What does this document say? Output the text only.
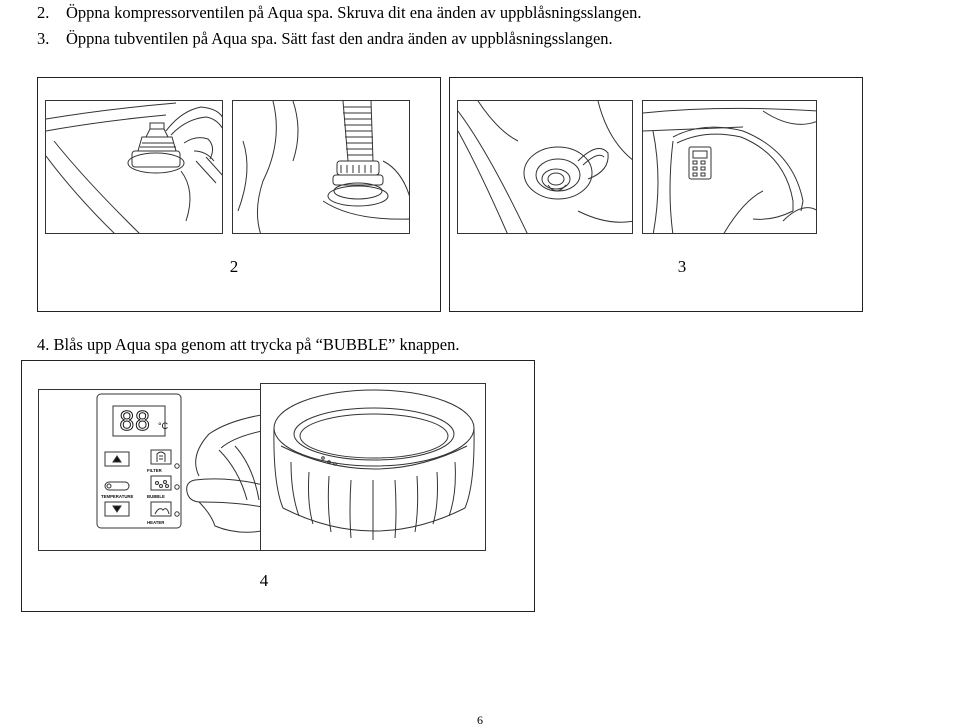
2. Öppna kompressorventilen på Aqua spa. Skruva dit ena änden av uppblåsningsslangen.
3. Öppna tubventilen på Aqua spa. Sätt fast den andra änden av uppblåsningsslangen.
2	3
4. Blås upp Aqua spa genom att trycka på “BUBBLE” knappen.
88 °C
FILTER
TEMPERATURE	BUBBLE
HEATER
4
6
